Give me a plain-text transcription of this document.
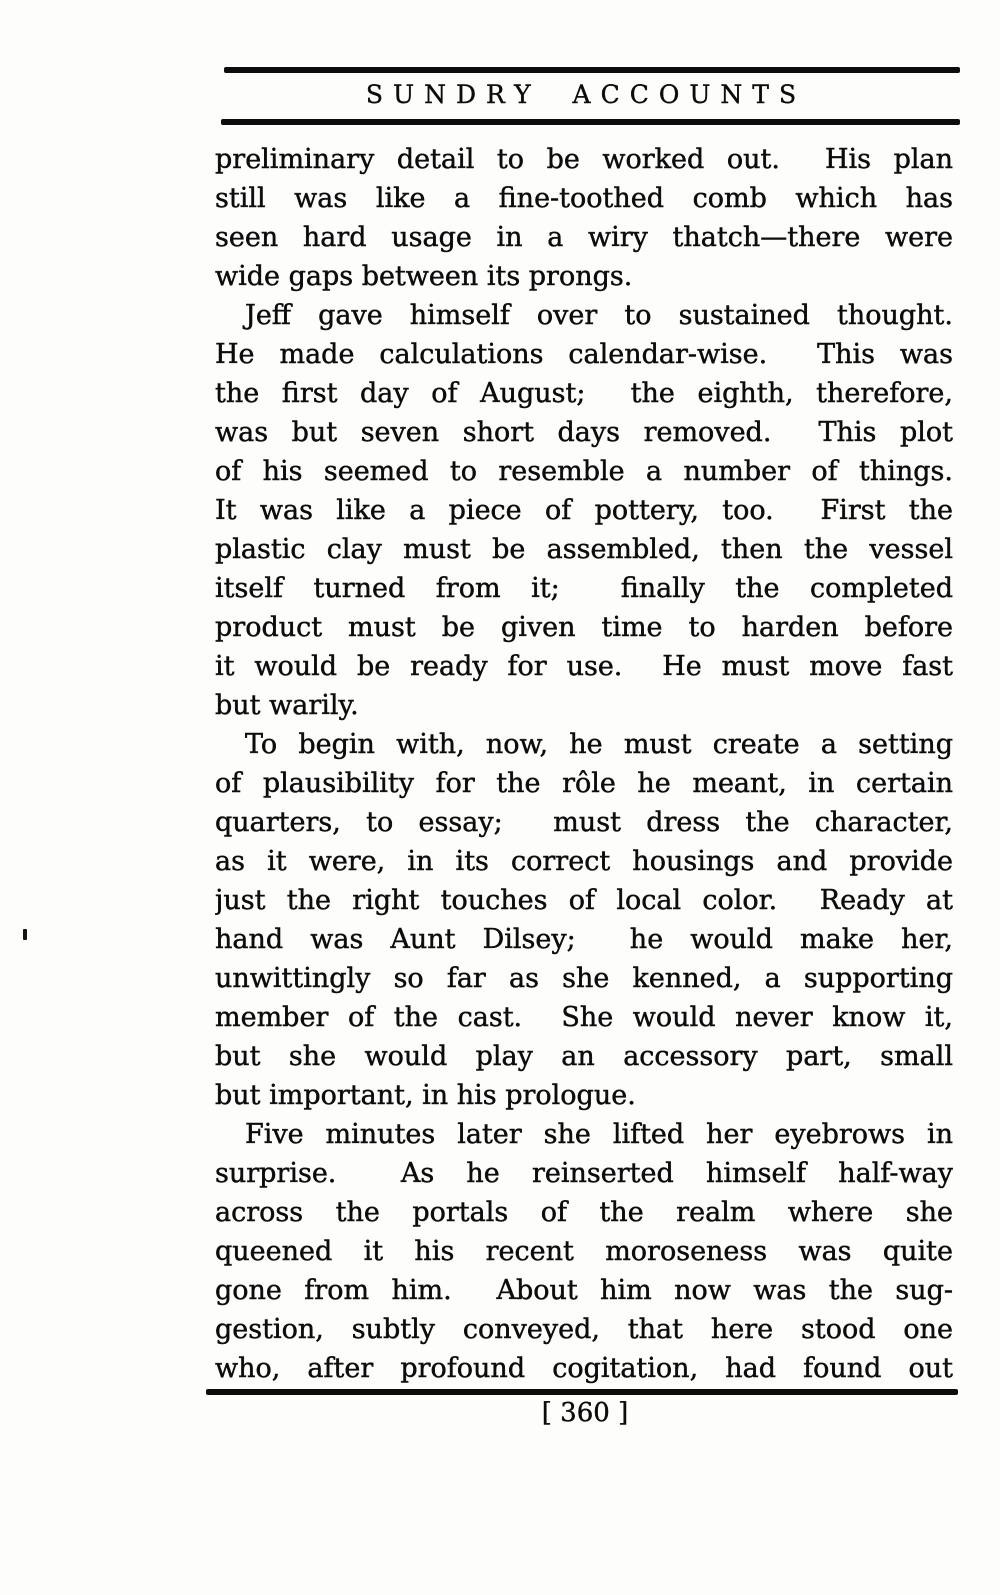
SUNDRY ACCOUNTS

preliminary detail to be worked out.  His plan
still was like a fine-toothed comb which has
seen hard usage in a wiry thatch—there were
wide gaps between its prongs.

Jeff gave himself over to sustained thought.
He made calculations calendar-wise.  This was
the first day of August;  the eighth, therefore,
was but seven short days removed.  This plot
of his seemed to resemble a number of things.
It was like a piece of pottery, too.  First the
plastic clay must be assembled, then the vessel
itself turned from it;  finally the completed
product must be given time to harden before
it would be ready for use.  He must move fast
but warily.

To begin with, now, he must create a setting
of plausibility for the rôle he meant, in certain
quarters, to essay;  must dress the character,
as it were, in its correct housings and provide
just the right touches of local color.  Ready at
hand was Aunt Dilsey;  he would make her,
unwittingly so far as she kenned, a supporting
member of the cast.  She would never know it,
but she would play an accessory part, small
but important, in his prologue.

Five minutes later she lifted her eyebrows in
surprise.  As he reinserted himself half-way
across the portals of the realm where she
queened it his recent moroseness was quite
gone from him.  About him now was the sug-
gestion, subtly conveyed, that here stood one
who, after profound cogitation, had found out

[ 360 ]
